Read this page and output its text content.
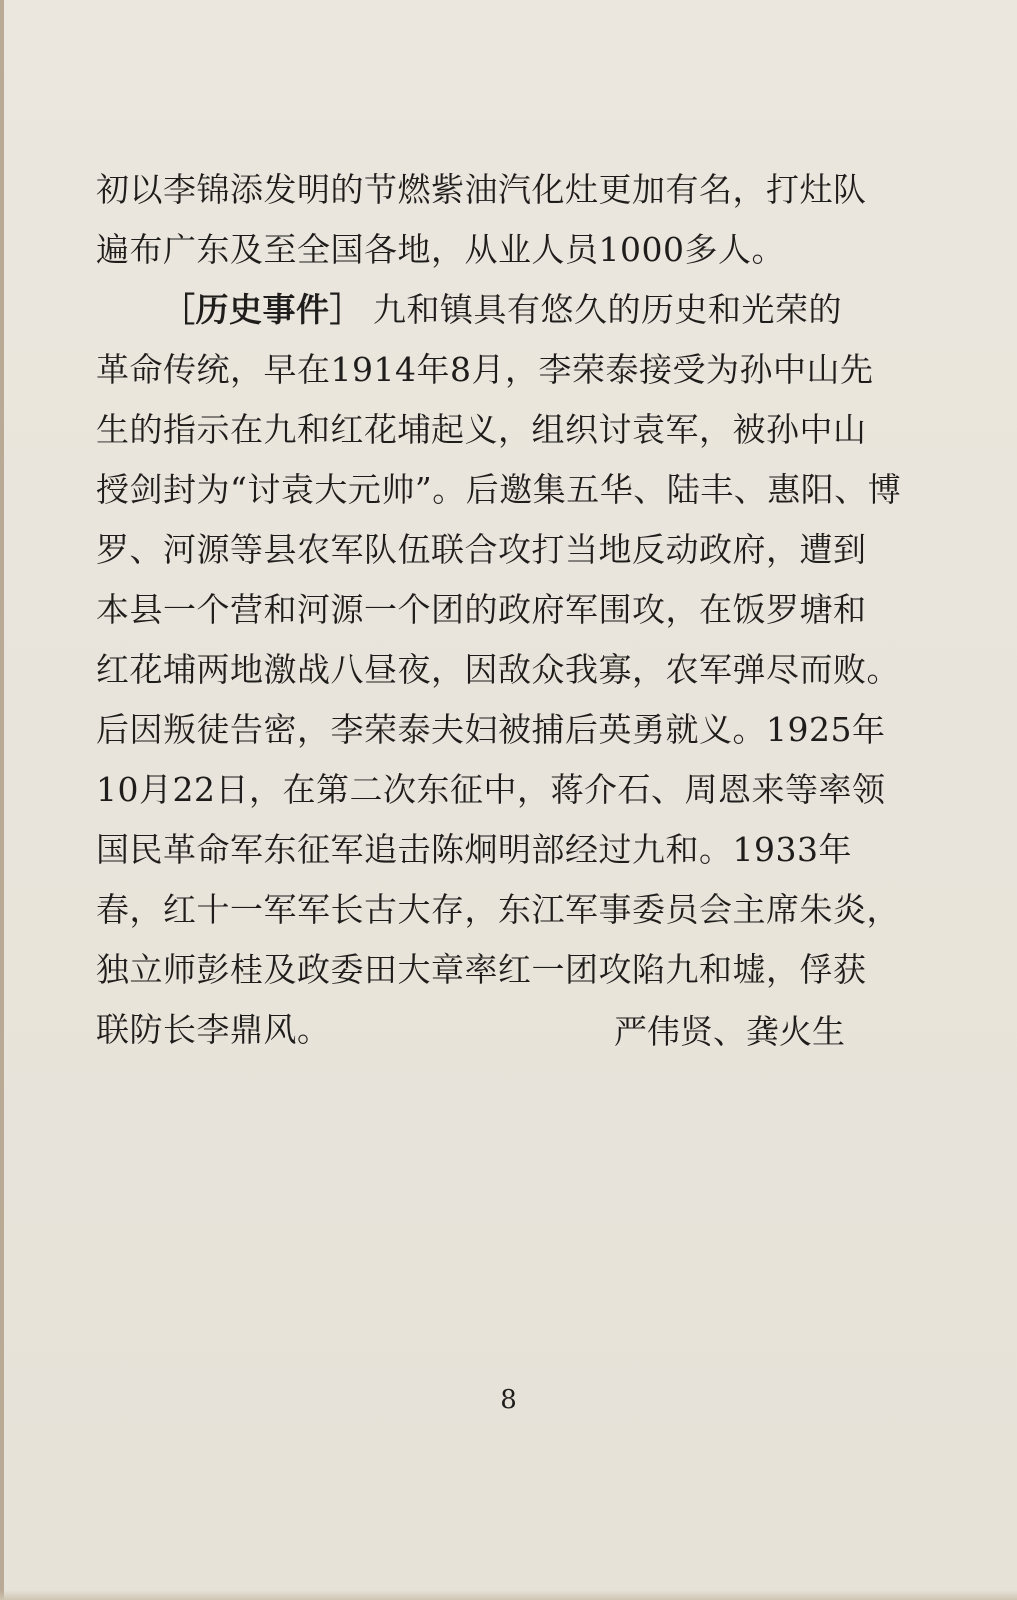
初以李锦添发明的节燃紫油汽化灶更加有名，打灶队
遍布广东及至全国各地，从业人员1000多人。
［历史事件］ 九和镇具有悠久的历史和光荣的
革命传统，早在1914年8月，李荣泰接受为孙中山先
生的指示在九和红花埔起义，组织讨袁军，被孙中山
授剑封为“讨袁大元帅”。后邀集五华、陆丰、惠阳、博
罗、河源等县农军队伍联合攻打当地反动政府，遭到
本县一个营和河源一个团的政府军围攻，在饭罗塘和
红花埔两地激战八昼夜，因敌众我寡，农军弹尽而败。
后因叛徒告密，李荣泰夫妇被捕后英勇就义。1925年
10月22日，在第二次东征中，蒋介石、周恩来等率领
国民革命军东征军追击陈炯明部经过九和。1933年
春，红十一军军长古大存，东江军事委员会主席朱炎，
独立师彭桂及政委田大章率红一团攻陷九和墟，俘获
联防长李鼎风。	严伟贤、龚火生
8
